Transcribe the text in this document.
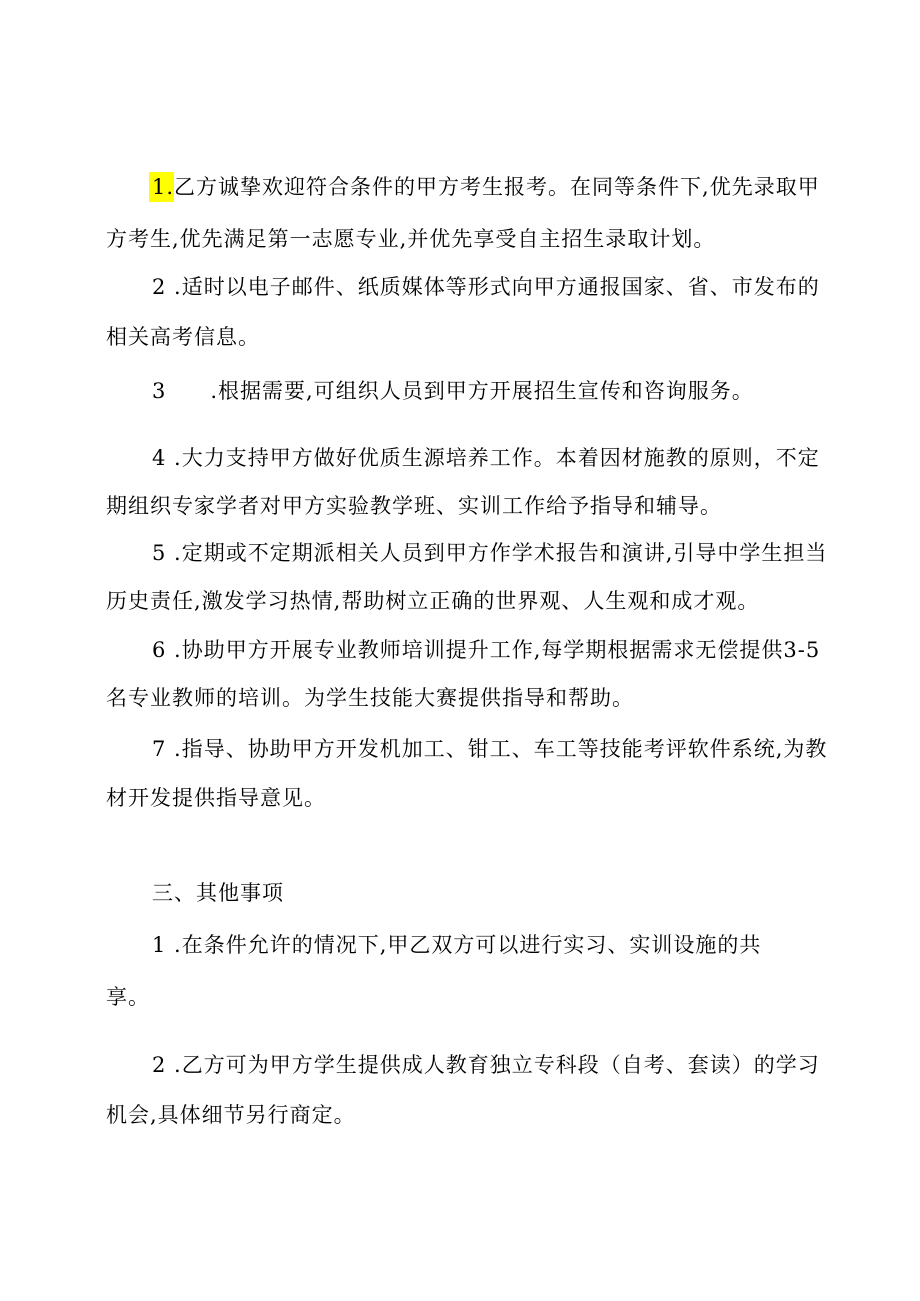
1.乙方诚挚欢迎符合条件的甲方考生报考。在同等条件下,优先录取甲
方考生,优先满足第一志愿专业,并优先享受自主招生录取计划。
2 .适时以电子邮件、纸质媒体等形式向甲方通报国家、省、市发布的
相关高考信息。
3  .根据需要,可组织人员到甲方开展招生宣传和咨询服务。
4 .大力支持甲方做好优质生源培养工作。本着因材施教的原则，不定
期组织专家学者对甲方实验教学班、实训工作给予指导和辅导。
5 .定期或不定期派相关人员到甲方作学术报告和演讲,引导中学生担当
历史责任,激发学习热情,帮助树立正确的世界观、人生观和成才观。
6 .协助甲方开展专业教师培训提升工作,每学期根据需求无偿提供3-5
名专业教师的培训。为学生技能大赛提供指导和帮助。
7 .指导、协助甲方开发机加工、钳工、车工等技能考评软件系统,为教
材开发提供指导意见。
三、其他事项
1 .在条件允许的情况下,甲乙双方可以进行实习、实训设施的共
享。
2 .乙方可为甲方学生提供成人教育独立专科段（自考、套读）的学习
机会,具体细节另行商定。
